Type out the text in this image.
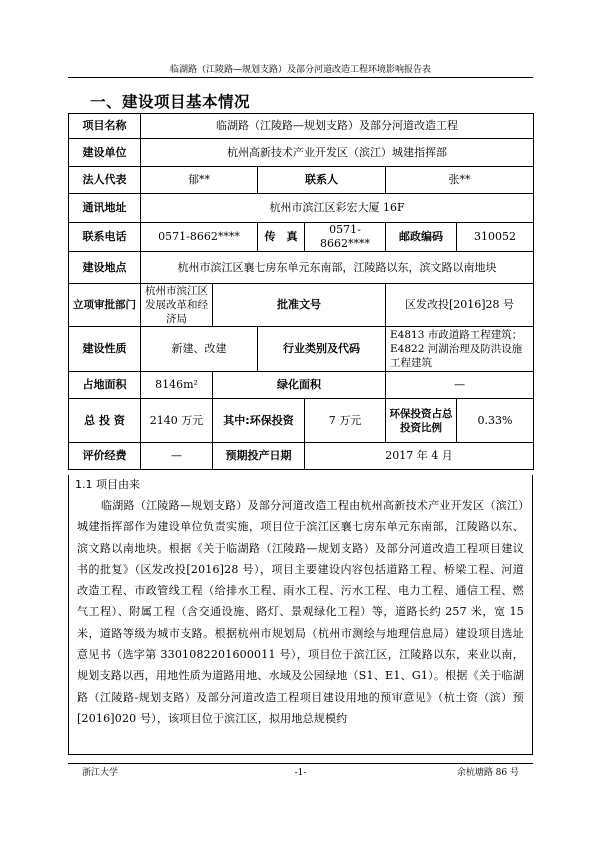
临湖路（江陵路—规划支路）及部分河道改造工程环境影响报告表
一、建设项目基本情况
项目名称	临湖路（江陵路—规划支路）及部分河道改造工程					
建设单位	杭州高新技术产业开发区（滨江）城建指挥部					
法人代表	郁**		联系人		张**	
通讯地址	杭州市滨江区彩宏大厦 16F					
联系电话	0571-8662****		传　真	0571-8662****	邮政编码	310052
建设地点	杭州市滨江区襄七房东单元东南部，江陵路以东，滨文路以南地块					
立项审批部门	杭州市滨江区发展改革和经济局	批准文号			区发改投[2016]28 号	
建设性质	新建、改建		行业类别及代码		E4813 市政道路工程建筑；E4822 河湖治理及防洪设施工程建筑	
占地面积	8146m²	绿化面积			—	
总 投 资	2140 万元	其中:环保投资		7 万元	环保投资占总投资比例	0.33%
评价经费	—	预期投产日期		2017 年 4 月		
1.1 项目由来
临湖路（江陵路—规划支路）及部分河道改造工程由杭州高新技术产业开发区（滨江）城建指挥部作为建设单位负责实施，项目位于滨江区襄七房东单元东南部，江陵路以东、滨文路以南地块。根据《关于临湖路（江陵路—规划支路）及部分河道改造工程项目建议书的批复》（区发改投[2016]28 号），项目主要建设内容包括道路工程、桥梁工程、河道改造工程、市政管线工程（给排水工程、雨水工程、污水工程、电力工程、通信工程、燃气工程）、附属工程（含交通设施、路灯、景观绿化工程）等，道路长约 257 米，宽 15 米，道路等级为城市支路。根据杭州市规划局（杭州市测绘与地理信息局）建设项目选址意见书（选字第 3301082201600011 号），项目位于滨江区，江陵路以东，来业以南，规划支路以西，用地性质为道路用地、水域及公园绿地（S1、E1、G1）。根据《关于临湖路（江陵路-规划支路）及部分河道改造工程项目建设用地的预审意见》（杭土资（滨）预[2016]020 号），该项目位于滨江区，拟用地总规模约
浙江大学	-1-	余杭塘路 86 号
